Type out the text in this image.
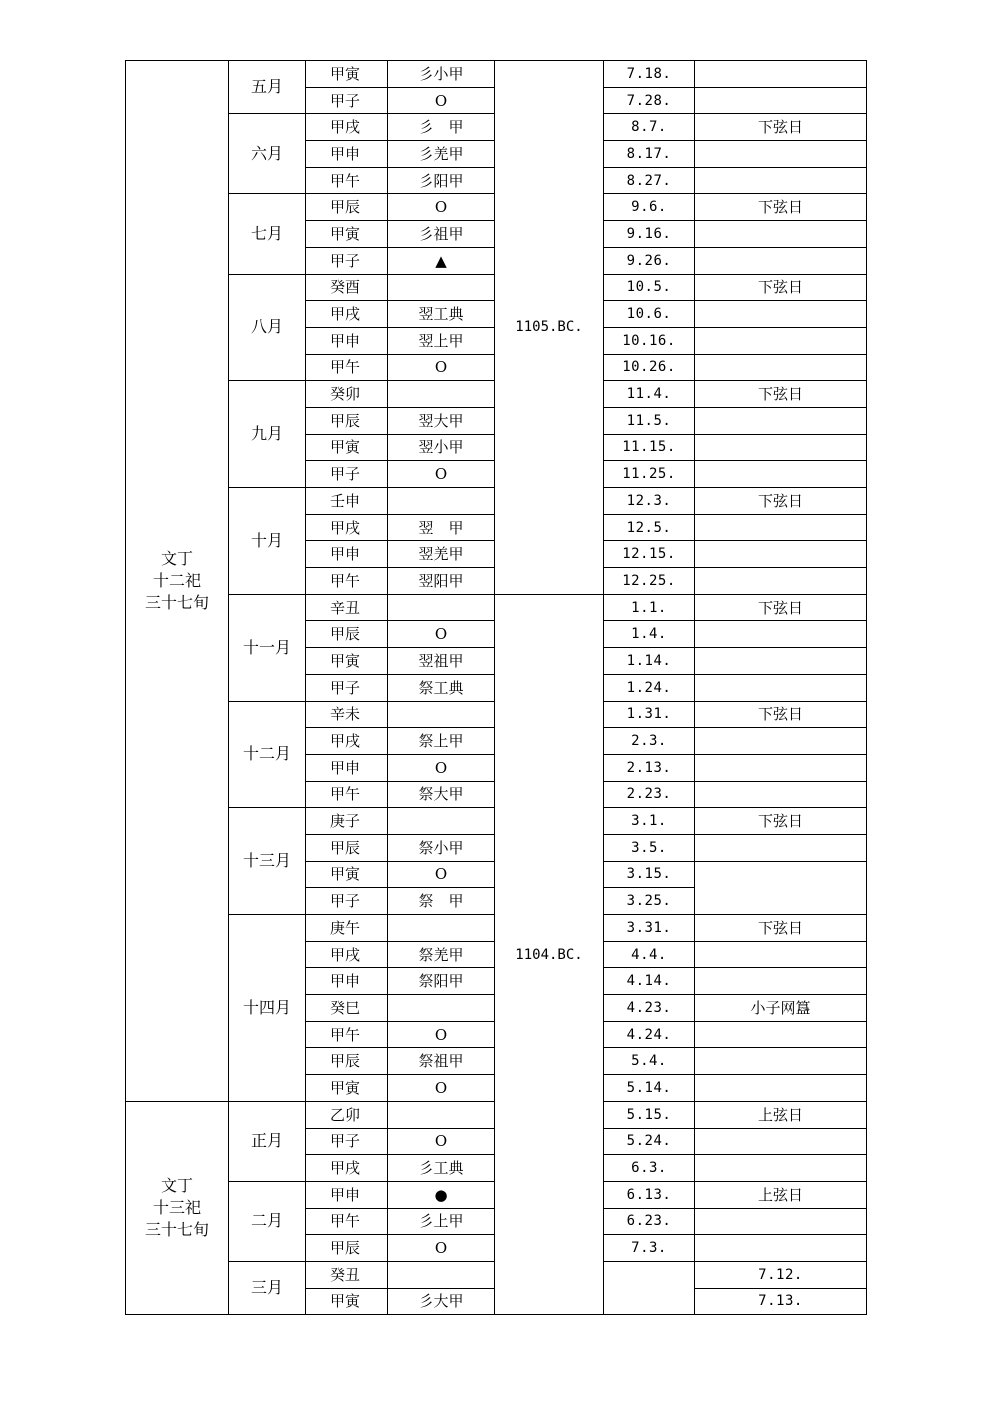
文丁
十二祀
三十七旬	五月	甲寅	彡小甲	1105.BC.	7.18.		
		甲子	O		7.28.		
	六月	甲戌	彡　甲		8.7.	下弦日	
		甲申	彡羌甲		8.17.		
		甲午	彡阳甲		8.27.		
	七月	甲辰	O		9.6.	下弦日	
		甲寅	彡祖甲		9.16.		
		甲子	▲		9.26.		
	八月	癸酉			10.5.	下弦日	
		甲戌	翌工典		10.6.		
		甲申	翌上甲		10.16.		
		甲午	O		10.26.		
	九月	癸卯			11.4.	下弦日	
		甲辰	翌大甲		11.5.		
		甲寅	翌小甲		11.15.		
		甲子	O		11.25.		
	十月	壬申			12.3.	下弦日	
		甲戌	翌　甲		12.5.		
		甲申	翌羌甲		12.15.		
		甲午	翌阳甲		12.25.		
	十一月	辛丑		1104.BC.	1.1.	下弦日	
		甲辰	O		1.4.		
		甲寅	翌祖甲		1.14.		
		甲子	祭工典		1.24.		
	十二月	辛未			1.31.	下弦日	
		甲戌	祭上甲		2.3.		
		甲申	O		2.13.		
		甲午	祭大甲		2.23.		
	十三月	庚子			3.1.	下弦日	
		甲辰	祭小甲		3.5.		
		甲寅	O		3.15.		
		甲子	祭　甲		3.25.		
	十四月	庚午			3.31.	下弦日	
		甲戌	祭羌甲		4.4.		
		甲申	祭阳甲		4.14.		
		癸巳			4.23.	小子网簋	
		甲午	O		4.24.		
		甲辰	祭祖甲		5.4.		
		甲寅	O		5.14.		
文丁
十三祀
三十七旬	正月	乙卯			5.15.	上弦日	
		甲子	O		5.24.		
		甲戌	彡工典		6.3.		
	二月	甲申	●		6.13.	上弦日	
		甲午	彡上甲		6.23.		
		甲辰	O		7.3.		
	三月	癸丑				7.12.	
		甲寅	彡大甲			7.13.	
